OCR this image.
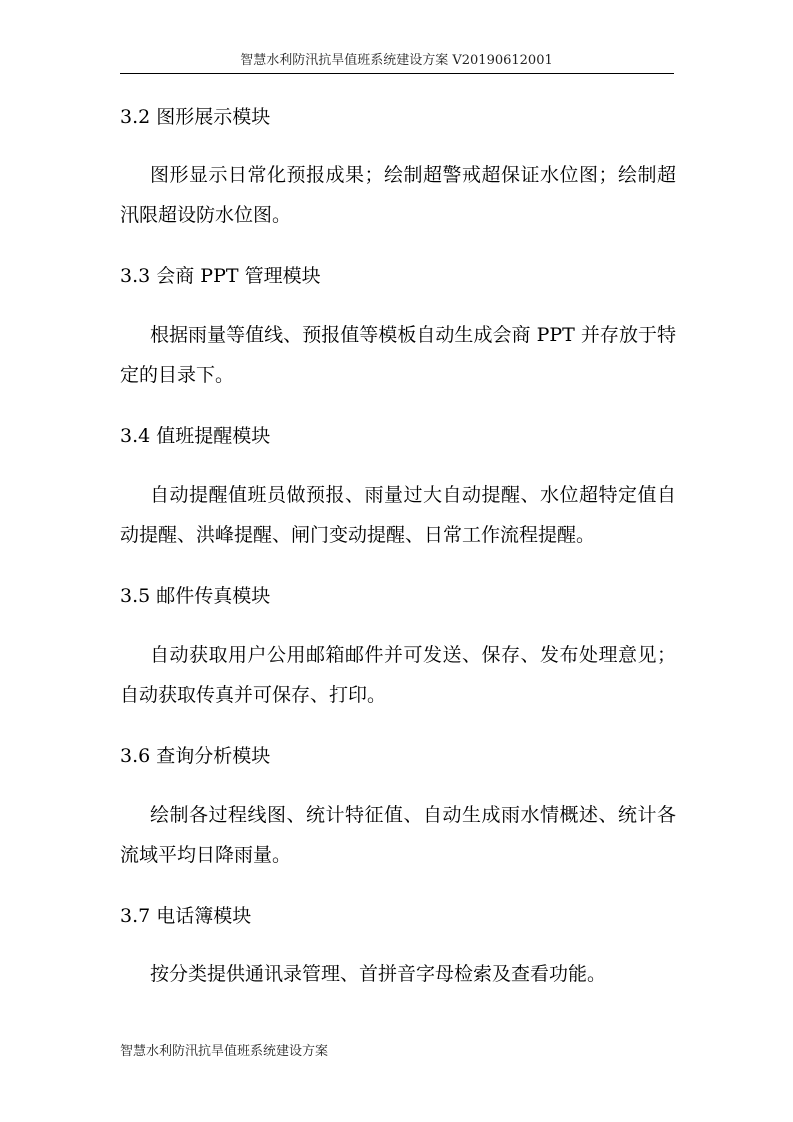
智慧水利防汛抗旱值班系统建设方案 V20190612001
3.2 图形展示模块
图形显示日常化预报成果；绘制超警戒超保证水位图；绘制超汛限超设防水位图。
3.3 会商 PPT 管理模块
根据雨量等值线、预报值等模板自动生成会商 PPT 并存放于特定的目录下。
3.4 值班提醒模块
自动提醒值班员做预报、雨量过大自动提醒、水位超特定值自动提醒、洪峰提醒、闸门变动提醒、日常工作流程提醒。
3.5 邮件传真模块
自动获取用户公用邮箱邮件并可发送、保存、发布处理意见；自动获取传真并可保存、打印。
3.6 查询分析模块
绘制各过程线图、统计特征值、自动生成雨水情概述、统计各流域平均日降雨量。
3.7 电话簿模块
按分类提供通讯录管理、首拼音字母检索及查看功能。
智慧水利防汛抗旱值班系统建设方案
